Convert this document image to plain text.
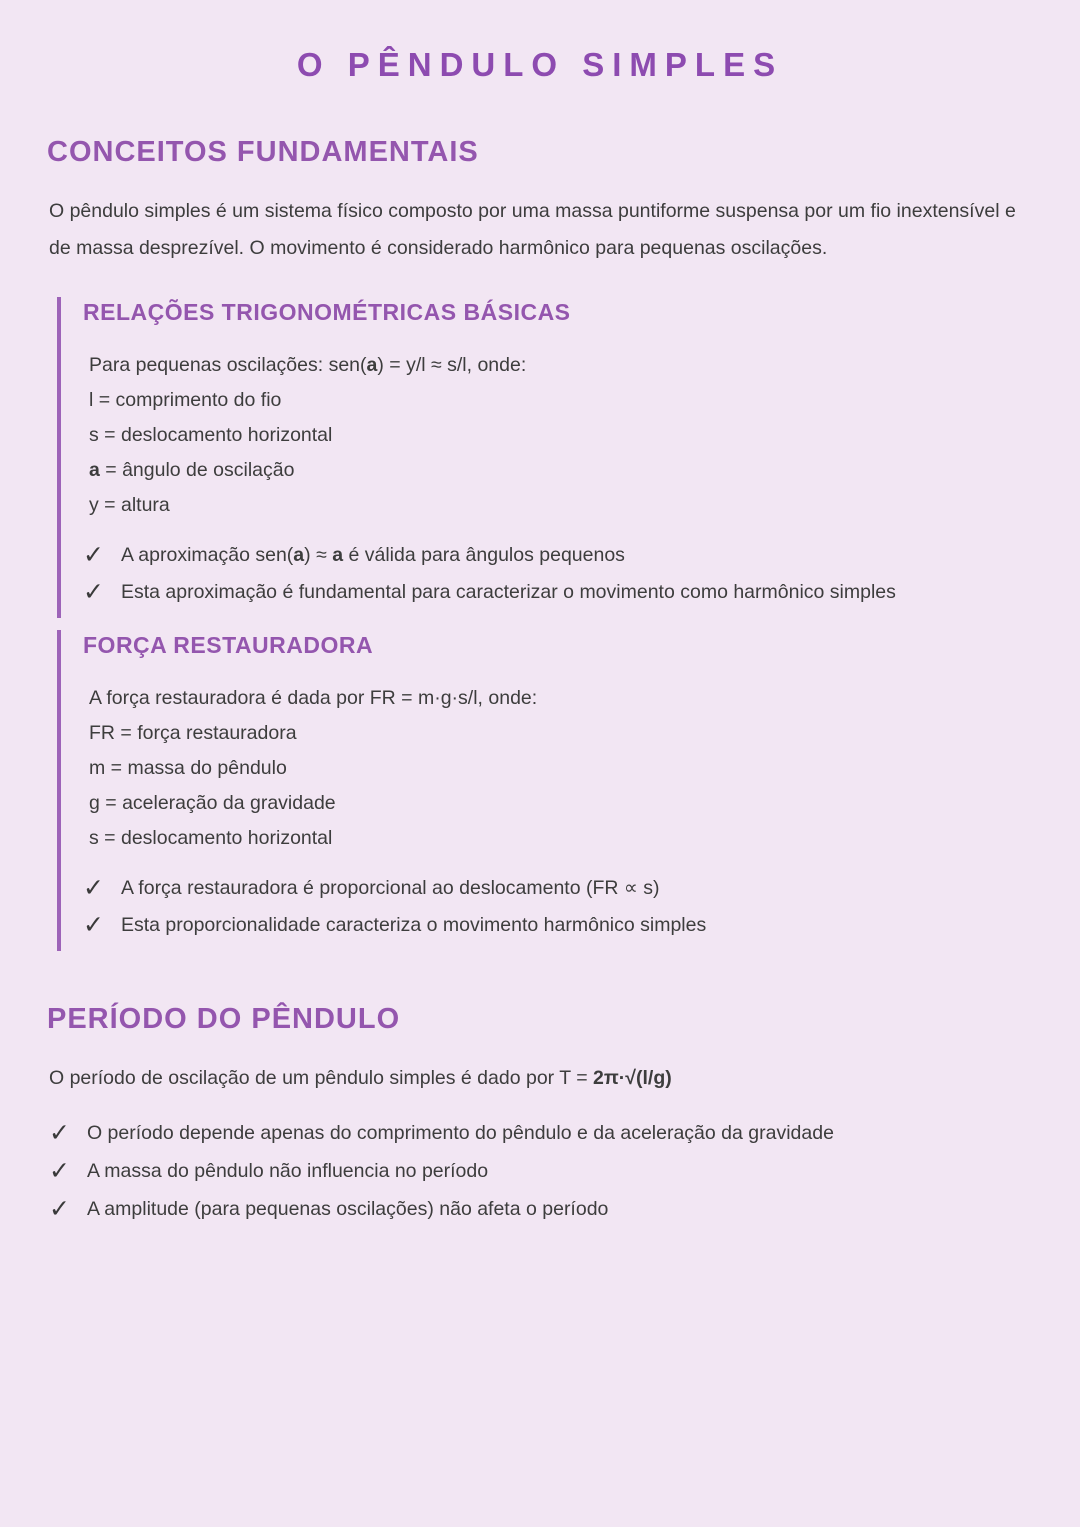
O PÊNDULO SIMPLES
CONCEITOS FUNDAMENTAIS

O pêndulo simples é um sistema físico composto por uma massa puntiforme suspensa por um fio inextensível e de massa desprezível. O movimento é considerado harmônico para pequenas oscilações.

RELAÇÕES TRIGONOMÉTRICAS BÁSICAS

Para pequenas oscilações: sen(a) = y/l ≈ s/l, onde:

l = comprimento do fio

s = deslocamento horizontal

a = ângulo de oscilação

y = altura

✓ A aproximação sen(a) ≈ a é válida para ângulos pequenos
✓ Esta aproximação é fundamental para caracterizar o movimento como harmônico simples
FORÇA RESTAURADORA

A força restauradora é dada por FR = m·g·s/l, onde:

FR = força restauradora

m = massa do pêndulo

g = aceleração da gravidade

s = deslocamento horizontal

✓ A força restauradora é proporcional ao deslocamento (FR ∝ s)
✓ Esta proporcionalidade caracteriza o movimento harmônico simples
PERÍODO DO PÊNDULO

O período de oscilação de um pêndulo simples é dado por T = 2π·√(l/g)

✓ O período depende apenas do comprimento do pêndulo e da aceleração da gravidade
✓ A massa do pêndulo não influencia no período
✓ A amplitude (para pequenas oscilações) não afeta o período
